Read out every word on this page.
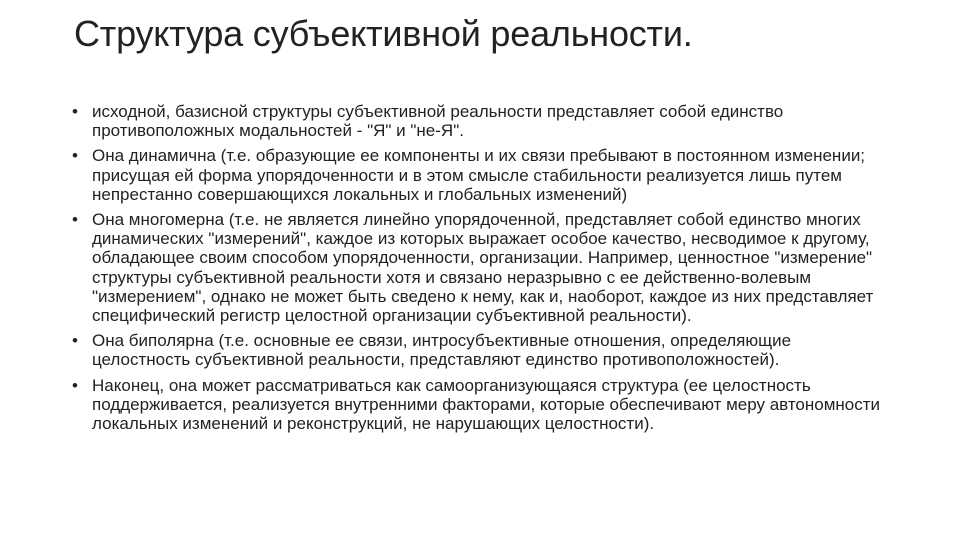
Структура субъективной реальности.
• исходной, базисной структуры субъективной реальности представляет собой единство противоположных модальностей - "Я" и "не-Я".
• Она динамична (т.е. образующие ее компоненты и их связи пребывают в постоянном изменении; присущая ей форма упорядоченности и в этом смысле стабильности реализуется лишь путем непрестанно совершающихся локальных и глобальных изменений)
• Она многомерна (т.е. не является линейно упорядоченной, представляет собой единство многих динамических "измерений", каждое из которых выражает особое качество, несводимое к другому, обладающее своим способом упорядоченности, организации. Например, ценностное "измерение" структуры субъективной реальности хотя и связано неразрывно с ее действенно-волевым "измерением", однако не может быть сведено к нему, как и, наоборот, каждое из них представляет специфический регистр целостной организации субъективной реальности).
• Она биполярна (т.е. основные ее связи, интросубъективные отношения, определяющие целостность субъективной реальности, представляют единство противоположностей).
• Наконец, она может рассматриваться как самоорганизующаяся структура (ее целостность поддерживается, реализуется внутренними факторами, которые обеспечивают меру автономности локальных изменений и реконструкций, не нарушающих целостности).
